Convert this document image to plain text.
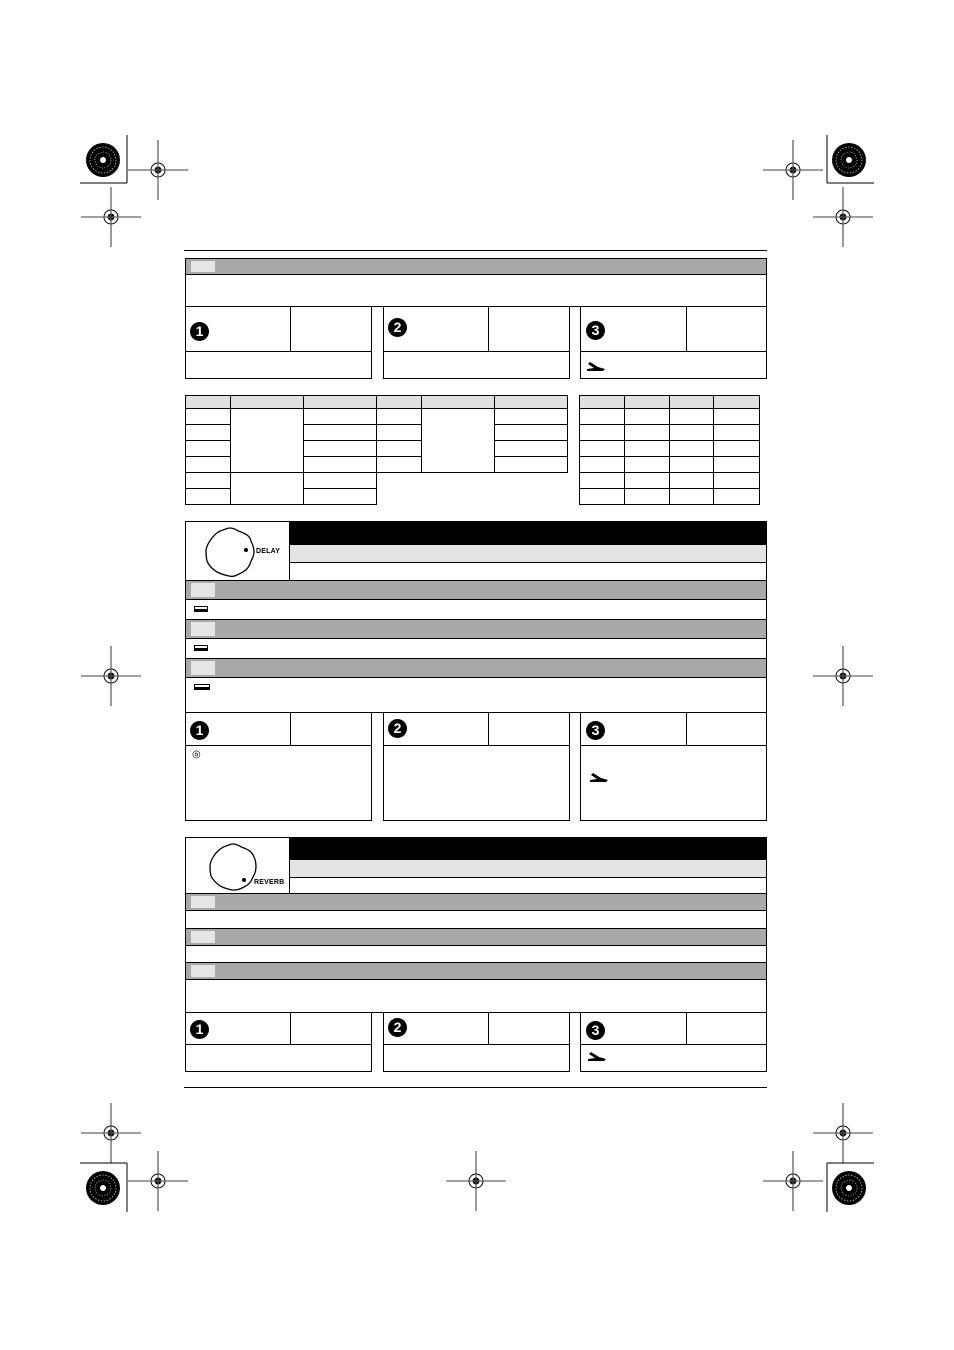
1	2	3

DELAY
1
◎
2	3
REVERB
1	2	3
